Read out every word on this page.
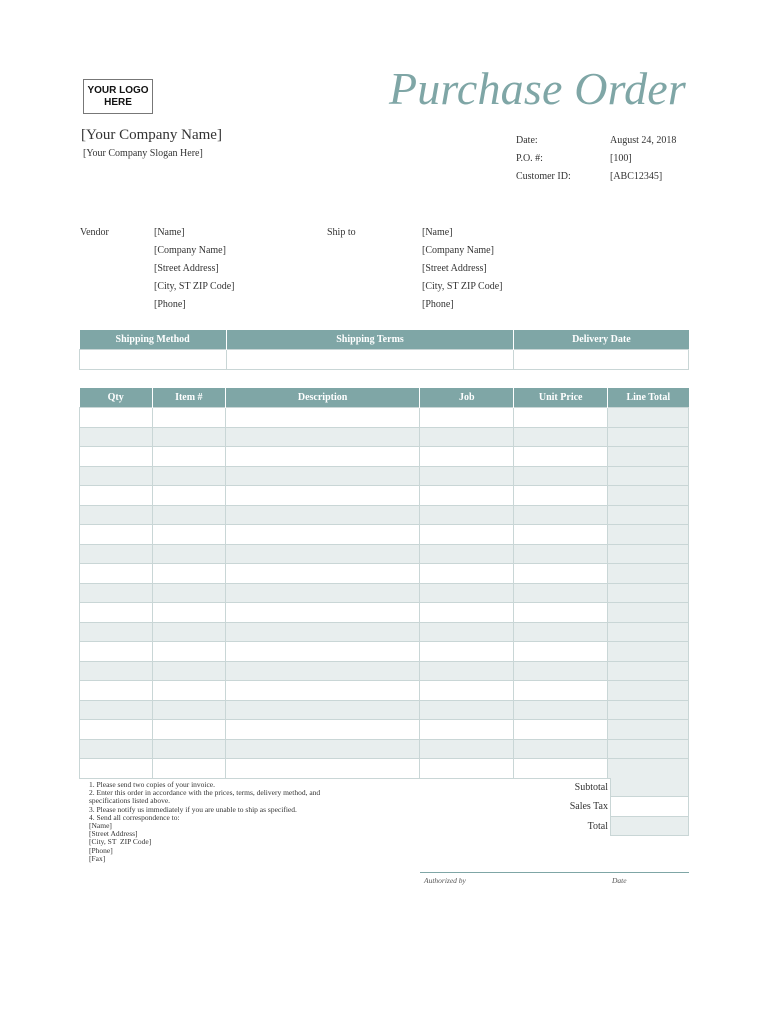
YOUR LOGO
HERE	Purchase Order
[Your Company Name]
[Your Company Slogan Here]
Date:	August 24, 2018
P.O. #:	[100]
Customer ID:	[ABC12345]
Vendor	[Name]
[Company Name]
[Street Address]
[City, ST ZIP Code]
[Phone]
Ship to	[Name]
[Company Name]
[Street Address]
[City, ST ZIP Code]
[Phone]
Shipping Method	Shipping Terms	Delivery Date

Qty	Item #	Description	Job	Unit Price	Line Total

1. Please send two copies of your invoice.
2. Enter this order in accordance with the prices, terms, delivery method, and specifications listed above.
3. Please notify us immediately if you are unable to ship as specified.
4. Send all correspondence to:
[Name]
[Street Address]
[City, ST  ZIP Code]
[Phone]
[Fax]
Subtotal
Sales Tax
Total
Authorized by	Date
